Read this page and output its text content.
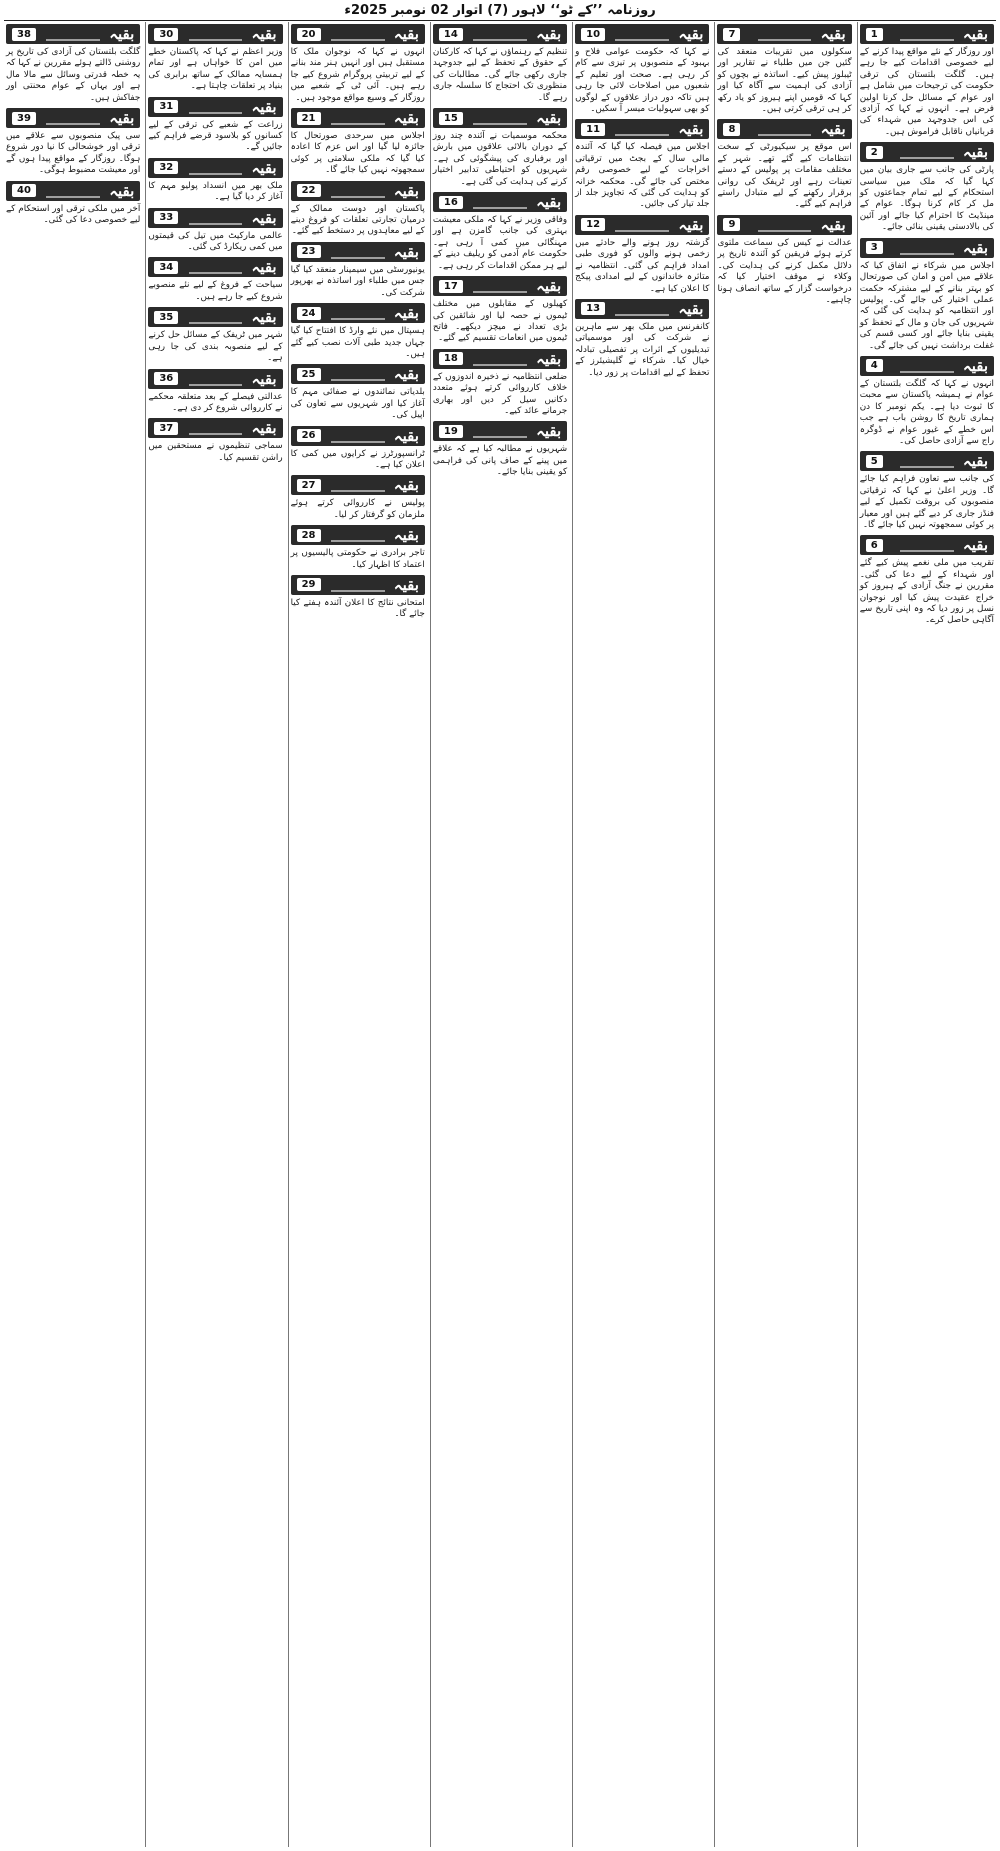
روزنامہ ’’کے ٹو‘‘ لاہور (7) اتوار 02 نومبر 2025ء
بقیہ
1

اور روزگار کے نئے مواقع پیدا کرنے کے لیے خصوصی اقدامات کیے جا رہے ہیں۔ گلگت بلتستان کی ترقی حکومت کی ترجیحات میں شامل ہے اور عوام کے مسائل حل کرنا اولین فرض ہے۔ انہوں نے کہا کہ آزادی کی اس جدوجہد میں شہداء کی قربانیاں ناقابل فراموش ہیں۔

بقیہ
2

پارٹی کی جانب سے جاری بیان میں کہا گیا کہ ملک میں سیاسی استحکام کے لیے تمام جماعتوں کو مل کر کام کرنا ہوگا۔ عوام کے مینڈیٹ کا احترام کیا جائے اور آئین کی بالادستی یقینی بنائی جائے۔

بقیہ
3

اجلاس میں شرکاء نے اتفاق کیا کہ علاقے میں امن و امان کی صورتحال کو بہتر بنانے کے لیے مشترکہ حکمت عملی اختیار کی جائے گی۔ پولیس اور انتظامیہ کو ہدایت کی گئی کہ شہریوں کی جان و مال کے تحفظ کو یقینی بنایا جائے اور کسی قسم کی غفلت برداشت نہیں کی جائے گی۔

بقیہ
4

انہوں نے کہا کہ گلگت بلتستان کے عوام نے ہمیشہ پاکستان سے محبت کا ثبوت دیا ہے۔ یکم نومبر کا دن ہماری تاریخ کا روشن باب ہے جب اس خطے کے غیور عوام نے ڈوگرہ راج سے آزادی حاصل کی۔

بقیہ
5

کی جانب سے تعاون فراہم کیا جائے گا۔ وزیر اعلیٰ نے کہا کہ ترقیاتی منصوبوں کی بروقت تکمیل کے لیے فنڈز جاری کر دیے گئے ہیں اور معیار پر کوئی سمجھوتہ نہیں کیا جائے گا۔

بقیہ
6

تقریب میں ملی نغمے پیش کیے گئے اور شہداء کے لیے دعا کی گئی۔ مقررین نے جنگ آزادی کے ہیروز کو خراج عقیدت پیش کیا اور نوجوان نسل پر زور دیا کہ وہ اپنی تاریخ سے آگاہی حاصل کرے۔

بقیہ
7

سکولوں میں تقریبات منعقد کی گئیں جن میں طلباء نے تقاریر اور ٹیبلوز پیش کیے۔ اساتذہ نے بچوں کو آزادی کی اہمیت سے آگاہ کیا اور کہا کہ قومیں اپنے ہیروز کو یاد رکھ کر ہی ترقی کرتی ہیں۔

بقیہ
8

اس موقع پر سیکیورٹی کے سخت انتظامات کیے گئے تھے۔ شہر کے مختلف مقامات پر پولیس کے دستے تعینات رہے اور ٹریفک کی روانی برقرار رکھنے کے لیے متبادل راستے فراہم کیے گئے۔

بقیہ
9

عدالت نے کیس کی سماعت ملتوی کرتے ہوئے فریقین کو آئندہ تاریخ پر دلائل مکمل کرنے کی ہدایت کی۔ وکلاء نے موقف اختیار کیا کہ درخواست گزار کے ساتھ انصاف ہونا چاہیے۔

بقیہ
10

نے کہا کہ حکومت عوامی فلاح و بہبود کے منصوبوں پر تیزی سے کام کر رہی ہے۔ صحت اور تعلیم کے شعبوں میں اصلاحات لائی جا رہی ہیں تاکہ دور دراز علاقوں کے لوگوں کو بھی سہولیات میسر آ سکیں۔

بقیہ
11

اجلاس میں فیصلہ کیا گیا کہ آئندہ مالی سال کے بجٹ میں ترقیاتی اخراجات کے لیے خصوصی رقم مختص کی جائے گی۔ محکمہ خزانہ کو ہدایت کی گئی کہ تجاویز جلد از جلد تیار کی جائیں۔

بقیہ
12

گزشتہ روز ہونے والے حادثے میں زخمی ہونے والوں کو فوری طبی امداد فراہم کی گئی۔ انتظامیہ نے متاثرہ خاندانوں کے لیے امدادی پیکج کا اعلان کیا ہے۔

بقیہ
13

کانفرنس میں ملک بھر سے ماہرین نے شرکت کی اور موسمیاتی تبدیلیوں کے اثرات پر تفصیلی تبادلہ خیال کیا۔ شرکاء نے گلیشیئرز کے تحفظ کے لیے اقدامات پر زور دیا۔

بقیہ
14

تنظیم کے رہنماؤں نے کہا کہ کارکنان کے حقوق کے تحفظ کے لیے جدوجہد جاری رکھی جائے گی۔ مطالبات کی منظوری تک احتجاج کا سلسلہ جاری رہے گا۔

بقیہ
15

محکمہ موسمیات نے آئندہ چند روز کے دوران بالائی علاقوں میں بارش اور برفباری کی پیشگوئی کی ہے۔ شہریوں کو احتیاطی تدابیر اختیار کرنے کی ہدایت کی گئی ہے۔

بقیہ
16

وفاقی وزیر نے کہا کہ ملکی معیشت بہتری کی جانب گامزن ہے اور مہنگائی میں کمی آ رہی ہے۔ حکومت عام آدمی کو ریلیف دینے کے لیے ہر ممکن اقدامات کر رہی ہے۔

بقیہ
17

کھیلوں کے مقابلوں میں مختلف ٹیموں نے حصہ لیا اور شائقین کی بڑی تعداد نے میچز دیکھے۔ فاتح ٹیموں میں انعامات تقسیم کیے گئے۔

بقیہ
18

ضلعی انتظامیہ نے ذخیرہ اندوزوں کے خلاف کارروائی کرتے ہوئے متعدد دکانیں سیل کر دیں اور بھاری جرمانے عائد کیے۔

بقیہ
19

شہریوں نے مطالبہ کیا ہے کہ علاقے میں پینے کے صاف پانی کی فراہمی کو یقینی بنایا جائے۔

بقیہ
20

انہوں نے کہا کہ نوجوان ملک کا مستقبل ہیں اور انہیں ہنر مند بنانے کے لیے تربیتی پروگرام شروع کیے جا رہے ہیں۔ آئی ٹی کے شعبے میں روزگار کے وسیع مواقع موجود ہیں۔

بقیہ
21

اجلاس میں سرحدی صورتحال کا جائزہ لیا گیا اور اس عزم کا اعادہ کیا گیا کہ ملکی سلامتی پر کوئی سمجھوتہ نہیں کیا جائے گا۔

بقیہ
22

پاکستان اور دوست ممالک کے درمیان تجارتی تعلقات کو فروغ دینے کے لیے معاہدوں پر دستخط کیے گئے۔

بقیہ
23

یونیورسٹی میں سیمینار منعقد کیا گیا جس میں طلباء اور اساتذہ نے بھرپور شرکت کی۔

بقیہ
24

ہسپتال میں نئے وارڈ کا افتتاح کیا گیا جہاں جدید طبی آلات نصب کیے گئے ہیں۔

بقیہ
25

بلدیاتی نمائندوں نے صفائی مہم کا آغاز کیا اور شہریوں سے تعاون کی اپیل کی۔

بقیہ
26

ٹرانسپورٹرز نے کرایوں میں کمی کا اعلان کیا ہے۔

بقیہ
27

پولیس نے کارروائی کرتے ہوئے ملزمان کو گرفتار کر لیا۔

بقیہ
28

تاجر برادری نے حکومتی پالیسیوں پر اعتماد کا اظہار کیا۔

بقیہ
29

امتحانی نتائج کا اعلان آئندہ ہفتے کیا جائے گا۔

بقیہ
30

وزیر اعظم نے کہا کہ پاکستان خطے میں امن کا خواہاں ہے اور تمام ہمسایہ ممالک کے ساتھ برابری کی بنیاد پر تعلقات چاہتا ہے۔

بقیہ
31

زراعت کے شعبے کی ترقی کے لیے کسانوں کو بلاسود قرضے فراہم کیے جائیں گے۔

بقیہ
32

ملک بھر میں انسداد پولیو مہم کا آغاز کر دیا گیا ہے۔

بقیہ
33

عالمی مارکیٹ میں تیل کی قیمتوں میں کمی ریکارڈ کی گئی۔

بقیہ
34

سیاحت کے فروغ کے لیے نئے منصوبے شروع کیے جا رہے ہیں۔

بقیہ
35

شہر میں ٹریفک کے مسائل حل کرنے کے لیے منصوبہ بندی کی جا رہی ہے۔

بقیہ
36

عدالتی فیصلے کے بعد متعلقہ محکمے نے کارروائی شروع کر دی ہے۔

بقیہ
37

سماجی تنظیموں نے مستحقین میں راشن تقسیم کیا۔

بقیہ
38

گلگت بلتستان کی آزادی کی تاریخ پر روشنی ڈالتے ہوئے مقررین نے کہا کہ یہ خطہ قدرتی وسائل سے مالا مال ہے اور یہاں کے عوام محنتی اور جفاکش ہیں۔

بقیہ
39

سی پیک منصوبوں سے علاقے میں ترقی اور خوشحالی کا نیا دور شروع ہوگا۔ روزگار کے مواقع پیدا ہوں گے اور معیشت مضبوط ہوگی۔

بقیہ
40

آخر میں ملکی ترقی اور استحکام کے لیے خصوصی دعا کی گئی۔
